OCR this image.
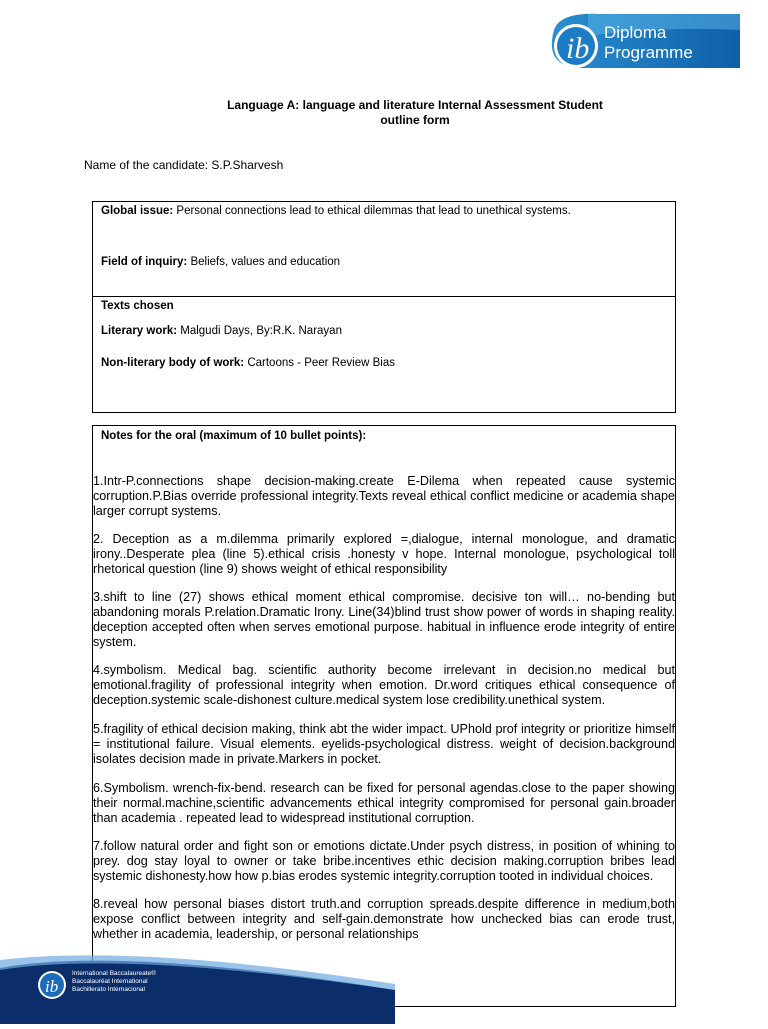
ib Diploma
Programme
Language A: language and literature Internal Assessment Student
outline form
Name of the candidate: S.P.Sharvesh
Global issue: Personal connections lead to ethical dilemmas that lead to unethical systems.
Field of inquiry: Beliefs, values and education
Texts chosen
Literary work: Malgudi Days, By:R.K. Narayan
Non-literary body of work: Cartoons - Peer Review Bias
Notes for the oral (maximum of 10 bullet points):
1.Intr-P.connections shape decision-making.create E-Dilema when repeated cause systemic corruption.P.Bias override professional integrity.Texts reveal ethical conflict medicine or academia shape larger corrupt systems.
2. Deception as a m.dilemma primarily explored =,dialogue, internal monologue, and dramatic irony..Desperate plea (line 5).ethical crisis .honesty v hope. Internal monologue, psychological toll rhetorical question (line 9) shows weight of ethical responsibility
3.shift to line (27) shows ethical moment ethical compromise. decisive ton will… no-bending but abandoning morals P.relation.Dramatic Irony. Line(34)blind trust show power of words in shaping reality. deception accepted often when serves emotional purpose. habitual in influence erode integrity of entire system.
4.symbolism. Medical bag. scientific authority become irrelevant in decision.no medical but emotional.fragility of professional integrity when emotion. Dr.word critiques ethical consequence of deception.systemic scale-dishonest culture.medical system lose credibility.unethical system.
5.fragility of ethical decision making, think abt the wider impact. UPhold prof integrity or prioritize himself = institutional failure. Visual elements. eyelids-psychological distress. weight of decision.background isolates decision made in private.Markers in pocket.
6.Symbolism. wrench-fix-bend. research can be fixed for personal agendas.close to the paper showing their normal.machine,scientific advancements ethical integrity compromised for personal gain.broader than academia . repeated lead to widespread institutional corruption.
7.follow natural order and fight son or emotions dictate.Under psych distress, in position of whining to prey. dog stay loyal to owner or take bribe.incentives ethic decision making.corruption bribes lead systemic dishonesty.how how p.bias erodes systemic integrity.corruption tooted in individual choices.
8.reveal how personal biases distort truth.and corruption spreads.despite difference in medium,both expose conflict between integrity and self-gain.demonstrate how unchecked bias can erode trust, whether in academia, leadership, or personal relationships
ib
International Baccalaureate®
Baccalauréat International
Bachillerato Internacional
